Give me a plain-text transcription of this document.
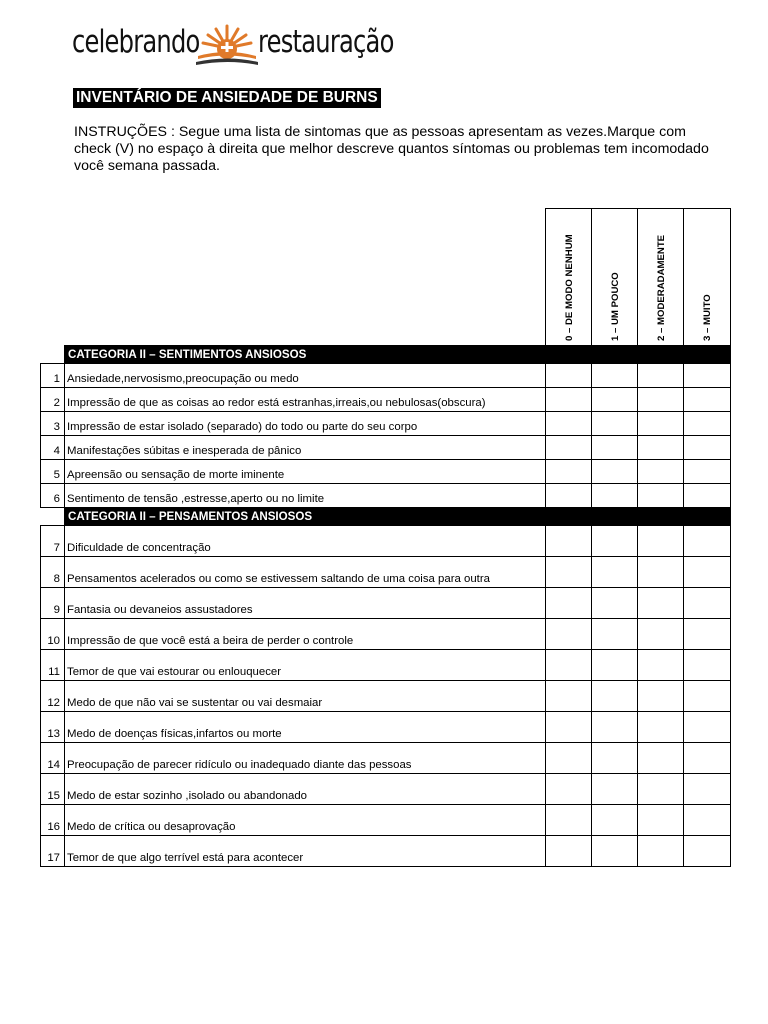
celebrando restauração
INVENTÁRIO DE ANSIEDADE DE BURNS
INSTRUÇÕES : Segue uma lista de sintomas que as pessoas apresentam as vezes.Marque com check (V) no espaço à direita que melhor descreve quantos síntomas ou problemas tem incomodado você semana passada.

		0 – DE MODO NENHUM	1 – UM POUCO	2 – MODERADAMENTE	3 – MUITO

	CATEGORIA II – SENTIMENTOS ANSIOSOS				
1	Ansiedade,nervosismo,preocupação ou medo				
2	Impressão de que as coisas ao redor está estranhas,irreais,ou nebulosas(obscura)				
3	Impressão de estar isolado (separado) do todo ou parte do seu corpo				
4	Manifestações súbitas e inesperada de pânico				
5	Apreensão ou sensação de morte iminente				
6	Sentimento de tensão ,estresse,aperto ou no limite				
	CATEGORIA II – PENSAMENTOS ANSIOSOS				
7	Dificuldade de concentração				
8	Pensamentos acelerados ou como se estivessem saltando de uma coisa para outra				
9	Fantasia ou devaneios assustadores				
10	Impressão de que você está a beira de perder o controle				
11	Temor de que vai estourar ou enlouquecer				
12	Medo de que não vai se sustentar ou vai desmaiar				
13	Medo de doenças físicas,infartos ou morte				
14	Preocupação de parecer ridículo ou inadequado diante das pessoas				
15	Medo de estar sozinho ,isolado ou abandonado				
16	Medo de crítica ou desaprovação				
17	Temor de que algo terrível está para acontecer				
